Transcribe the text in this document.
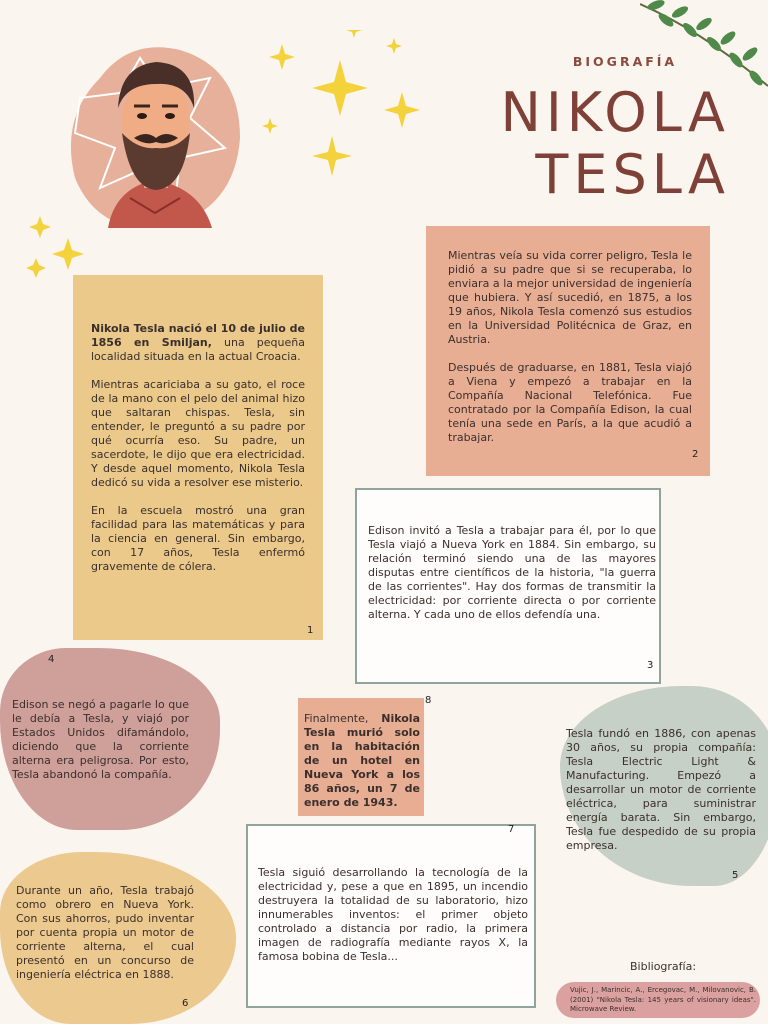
BIOGRAFÍA
NIKOLA
TESLA

Nikola Tesla nació el 10 de julio de 1856 en Smiljan, una pequeña localidad situada en la actual Croacia.

Mientras acariciaba a su gato, el roce de la mano con el pelo del animal hizo que saltaran chispas. Tesla, sin entender, le preguntó a su padre por qué ocurría eso. Su padre, un sacerdote, le dijo que era electricidad. Y desde aquel momento, Nikola Tesla dedicó su vida a resolver ese misterio.

En la escuela mostró una gran facilidad para las matemáticas y para la ciencia en general. Sin embargo, con 17 años, Tesla enfermó gravemente de cólera.

1

Mientras veía su vida correr peligro, Tesla le pidió a su padre que si se recuperaba, lo enviara a la mejor universidad de ingeniería que hubiera. Y así sucedió, en 1875, a los 19 años, Nikola Tesla comenzó sus estudios en la Universidad Politécnica de Graz, en Austria.

Después de graduarse, en 1881, Tesla viajó a Viena y empezó a trabajar en la Compañía Nacional Telefónica. Fue contratado por la Compañía Edison, la cual tenía una sede en París, a la que acudió a trabajar.

2

Edison invitó a Tesla a trabajar para él, por lo que Tesla viajó a Nueva York en 1884. Sin embargo, su relación terminó siendo una de las mayores disputas entre científicos de la historia, "la guerra de las corrientes". Hay dos formas de transmitir la electricidad: por corriente directa o por corriente alterna. Y cada uno de ellos defendía una.

3
4
Edison se negó a pagarle lo que le debía a Tesla, y viajó por Estados Unidos difamándolo, diciendo que la corriente alterna era peligrosa. Por esto, Tesla abandonó la compañía.
Finalmente, Nikola Tesla murió solo en la habitación de un hotel en Nueva York a los 86 años, un 7 de enero de 1943.
8
Tesla fundó en 1886, con apenas 30 años, su propia compañía: Tesla Electric Light & Manufacturing. Empezó a desarrollar un motor de corriente eléctrica, para suministrar energía barata. Sin embargo, Tesla fue despedido de su propia empresa.
5
Durante un año, Tesla trabajó como obrero en Nueva York. Con sus ahorros, pudo inventar por cuenta propia un motor de corriente alterna, el cual presentó en un concurso de ingeniería eléctrica en 1888.
6
7

Tesla siguió desarrollando la tecnología de la electricidad y, pese a que en 1895, un incendio destruyera la totalidad de su laboratorio, hizo innumerables inventos: el primer objeto controlado a distancia por radio, la primera imagen de radiografía mediante rayos X, la famosa bobina de Tesla...

Bibliografía:
Vujic, J., Marincic, A., Ercegovac, M., Milovanovic, B. (2001) "Nikola Tesla: 145 years of visionary ideas". Microwave Review.
